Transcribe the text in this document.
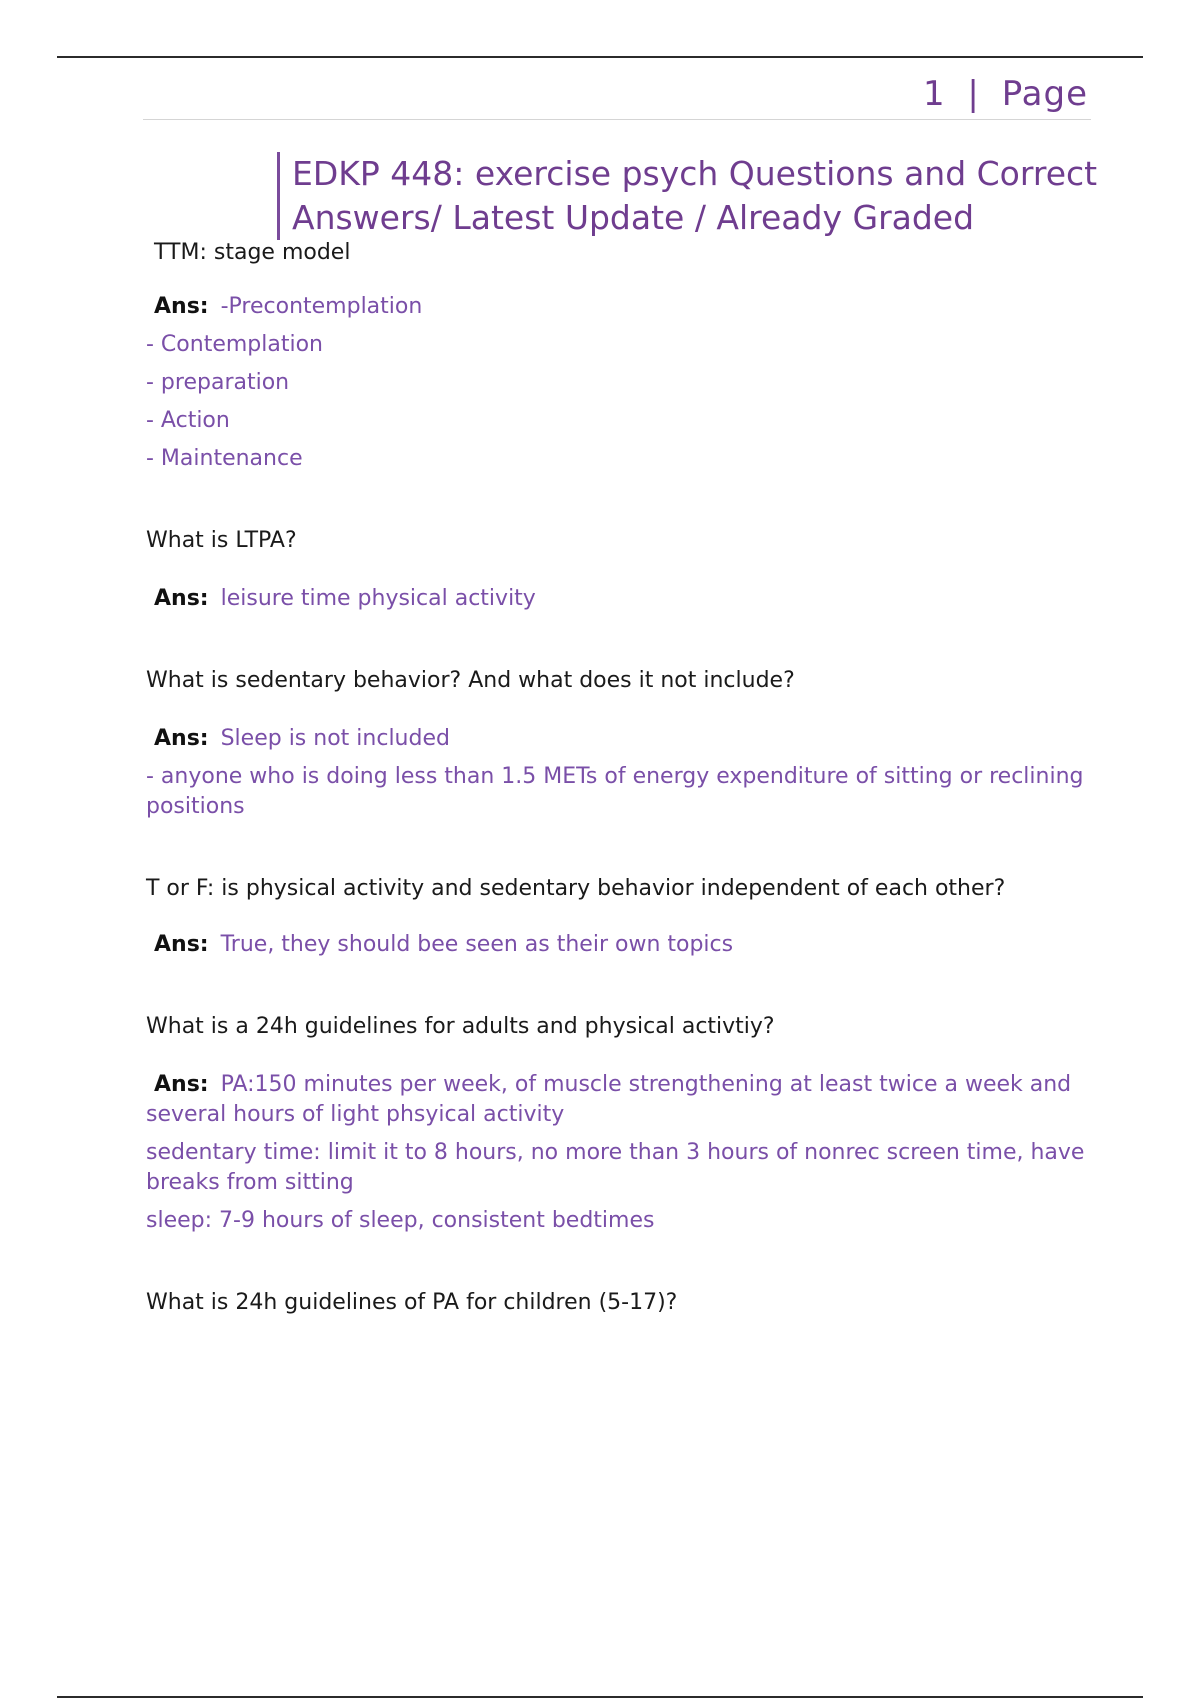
1 | Page
EDKP 448: exercise psych Questions and Correct
Answers/ Latest Update / Already Graded

TTM: stage model

Ans: -Precontemplation

- Contemplation

- preparation

- Action

- Maintenance

What is LTPA?

Ans: leisure time physical activity

What is sedentary behavior? And what does it not include?

Ans: Sleep is not included

- anyone who is doing less than 1.5 METs of energy expenditure of sitting or reclining positions

T or F: is physical activity and sedentary behavior independent of each other?

Ans: True, they should bee seen as their own topics

What is a 24h guidelines for adults and physical activtiy?

Ans: PA:150 minutes per week, of muscle strengthening at least twice a week and several hours of light phsyical activity

sedentary time: limit it to 8 hours, no more than 3 hours of nonrec screen time, have breaks from sitting

sleep: 7-9 hours of sleep, consistent bedtimes

What is 24h guidelines of PA for children (5-17)?
